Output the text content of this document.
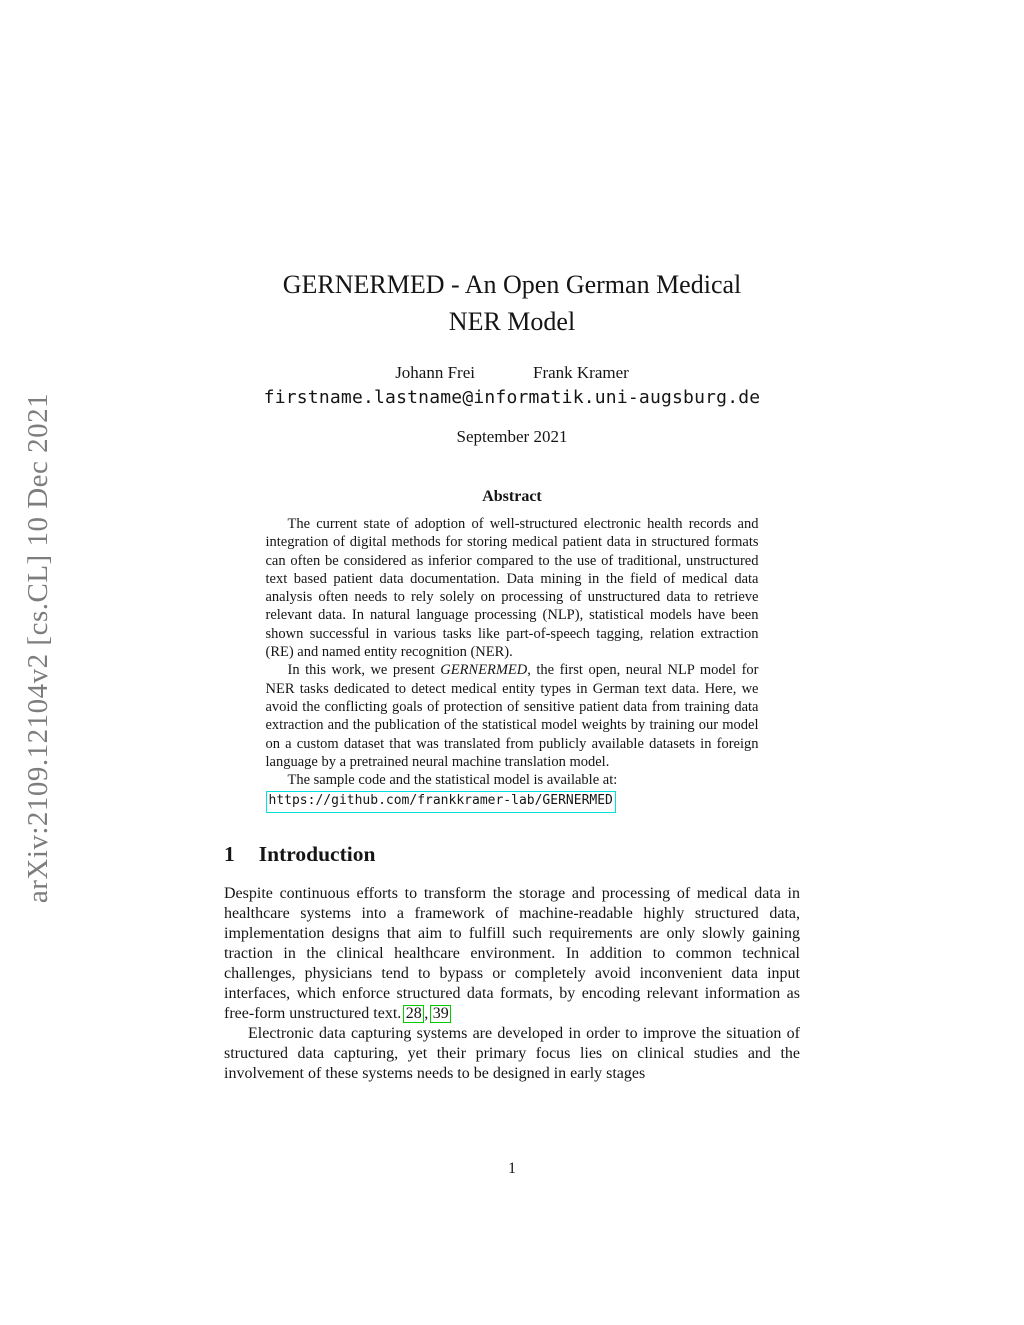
arXiv:2109.12104v2 [cs.CL] 10 Dec 2021
GERNERMED - An Open German Medical
NER Model
Johann Frei	Frank Kramer
firstname.lastname@informatik.uni-augsburg.de
September 2021
Abstract

The current state of adoption of well-structured electronic health records and integration of digital methods for storing medical patient data in structured formats can often be considered as inferior compared to the use of traditional, unstructured text based patient data documentation. Data mining in the field of medical data analysis often needs to rely solely on processing of unstructured data to retrieve relevant data. In natural language processing (NLP), statistical models have been shown successful in various tasks like part-of-speech tagging, relation extraction (RE) and named entity recognition (NER).

In this work, we present GERNERMED, the first open, neural NLP model for NER tasks dedicated to detect medical entity types in German text data. Here, we avoid the conflicting goals of protection of sensitive patient data from training data extraction and the publication of the statistical model weights by training our model on a custom dataset that was translated from publicly available datasets in foreign language by a pretrained neural machine translation model.

The sample code and the statistical model is available at:
https://github.com/frankkramer-lab/GERNERMED

1 Introduction

Despite continuous efforts to transform the storage and processing of medical data in healthcare systems into a framework of machine-readable highly structured data, implementation designs that aim to fulfill such requirements are only slowly gaining traction in the clinical healthcare environment. In addition to common technical challenges, physicians tend to bypass or completely avoid inconvenient data input interfaces, which enforce structured data formats, by encoding relevant information as free-form unstructured text. 28 , 39

Electronic data capturing systems are developed in order to improve the situation of structured data capturing, yet their primary focus lies on clinical studies and the involvement of these systems needs to be designed in early stages

1
